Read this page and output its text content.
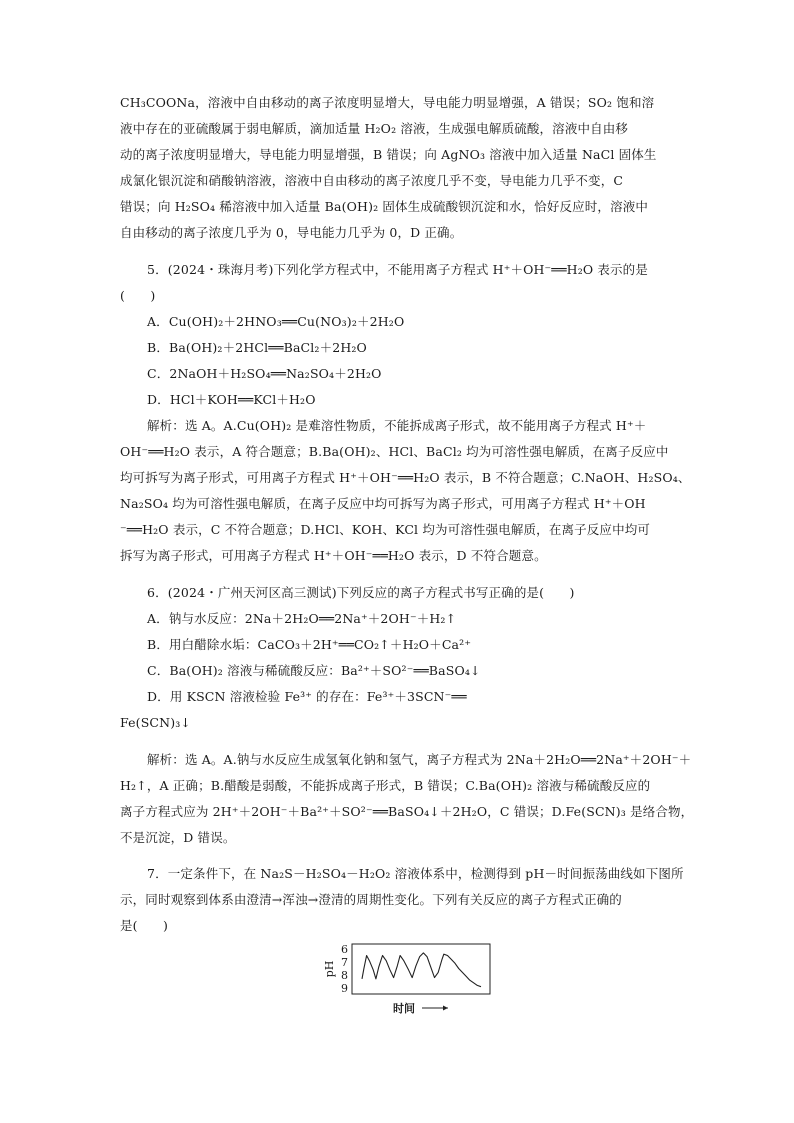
CH₃COONa，溶液中自由移动的离子浓度明显增大，导电能力明显增强，A 错误；SO₂ 饱和溶
液中存在的亚硫酸属于弱电解质，滴加适量 H₂O₂ 溶液，生成强电解质硫酸，溶液中自由移
动的离子浓度明显增大，导电能力明显增强，B 错误；向 AgNO₃ 溶液中加入适量 NaCl 固体生
成氯化银沉淀和硝酸钠溶液，溶液中自由移动的离子浓度几乎不变，导电能力几乎不变，C
错误；向 H₂SO₄ 稀溶液中加入适量 Ba(OH)₂ 固体生成硫酸钡沉淀和水，恰好反应时，溶液中
自由移动的离子浓度几乎为 0，导电能力几乎为 0，D 正确。
5．(2024・珠海月考)下列化学方程式中，不能用离子方程式 H⁺＋OH⁻══H₂O 表示的是
(　　)
A．Cu(OH)₂＋2HNO₃══Cu(NO₃)₂＋2H₂O
B．Ba(OH)₂＋2HCl══BaCl₂＋2H₂O
C．2NaOH＋H₂SO₄══Na₂SO₄＋2H₂O
D．HCl＋KOH══KCl＋H₂O
解析：选 A。A.Cu(OH)₂ 是难溶性物质，不能拆成离子形式，故不能用离子方程式 H⁺＋
OH⁻══H₂O 表示，A 符合题意；B.Ba(OH)₂、HCl、BaCl₂ 均为可溶性强电解质，在离子反应中
均可拆写为离子形式，可用离子方程式 H⁺＋OH⁻══H₂O 表示，B 不符合题意；C.NaOH、H₂SO₄、
Na₂SO₄ 均为可溶性强电解质，在离子反应中均可拆写为离子形式，可用离子方程式 H⁺＋OH
⁻══H₂O 表示，C 不符合题意；D.HCl、KOH、KCl 均为可溶性强电解质，在离子反应中均可
拆写为离子形式，可用离子方程式 H⁺＋OH⁻══H₂O 表示，D 不符合题意。
6．(2024・广州天河区高三测试)下列反应的离子方程式书写正确的是(　　)
A．钠与水反应：2Na＋2H₂O══2Na⁺＋2OH⁻＋H₂↑
B．用白醋除水垢：CaCO₃＋2H⁺══CO₂↑＋H₂O＋Ca²⁺
C．Ba(OH)₂ 溶液与稀硫酸反应：Ba²⁺＋SO²⁻══BaSO₄↓
D．用 KSCN 溶液检验 Fe³⁺ 的存在：Fe³⁺＋3SCN⁻══
Fe(SCN)₃↓
解析：选 A。A.钠与水反应生成氢氧化钠和氢气，离子方程式为 2Na＋2H₂O══2Na⁺＋2OH⁻＋
H₂↑，A 正确；B.醋酸是弱酸，不能拆成离子形式，B 错误；C.Ba(OH)₂ 溶液与稀硫酸反应的
离子方程式应为 2H⁺＋2OH⁻＋Ba²⁺＋SO²⁻══BaSO₄↓＋2H₂O，C 错误；D.Fe(SCN)₃ 是络合物，
不是沉淀，D 错误。
7．一定条件下，在 Na₂S－H₂SO₄－H₂O₂ 溶液体系中，检测得到 pH－时间振荡曲线如下图所
示，同时观察到体系由澄清→浑浊→澄清的周期性变化。下列有关反应的离子方程式正确的
是(　　)
6
7
8
9
pH
时间
